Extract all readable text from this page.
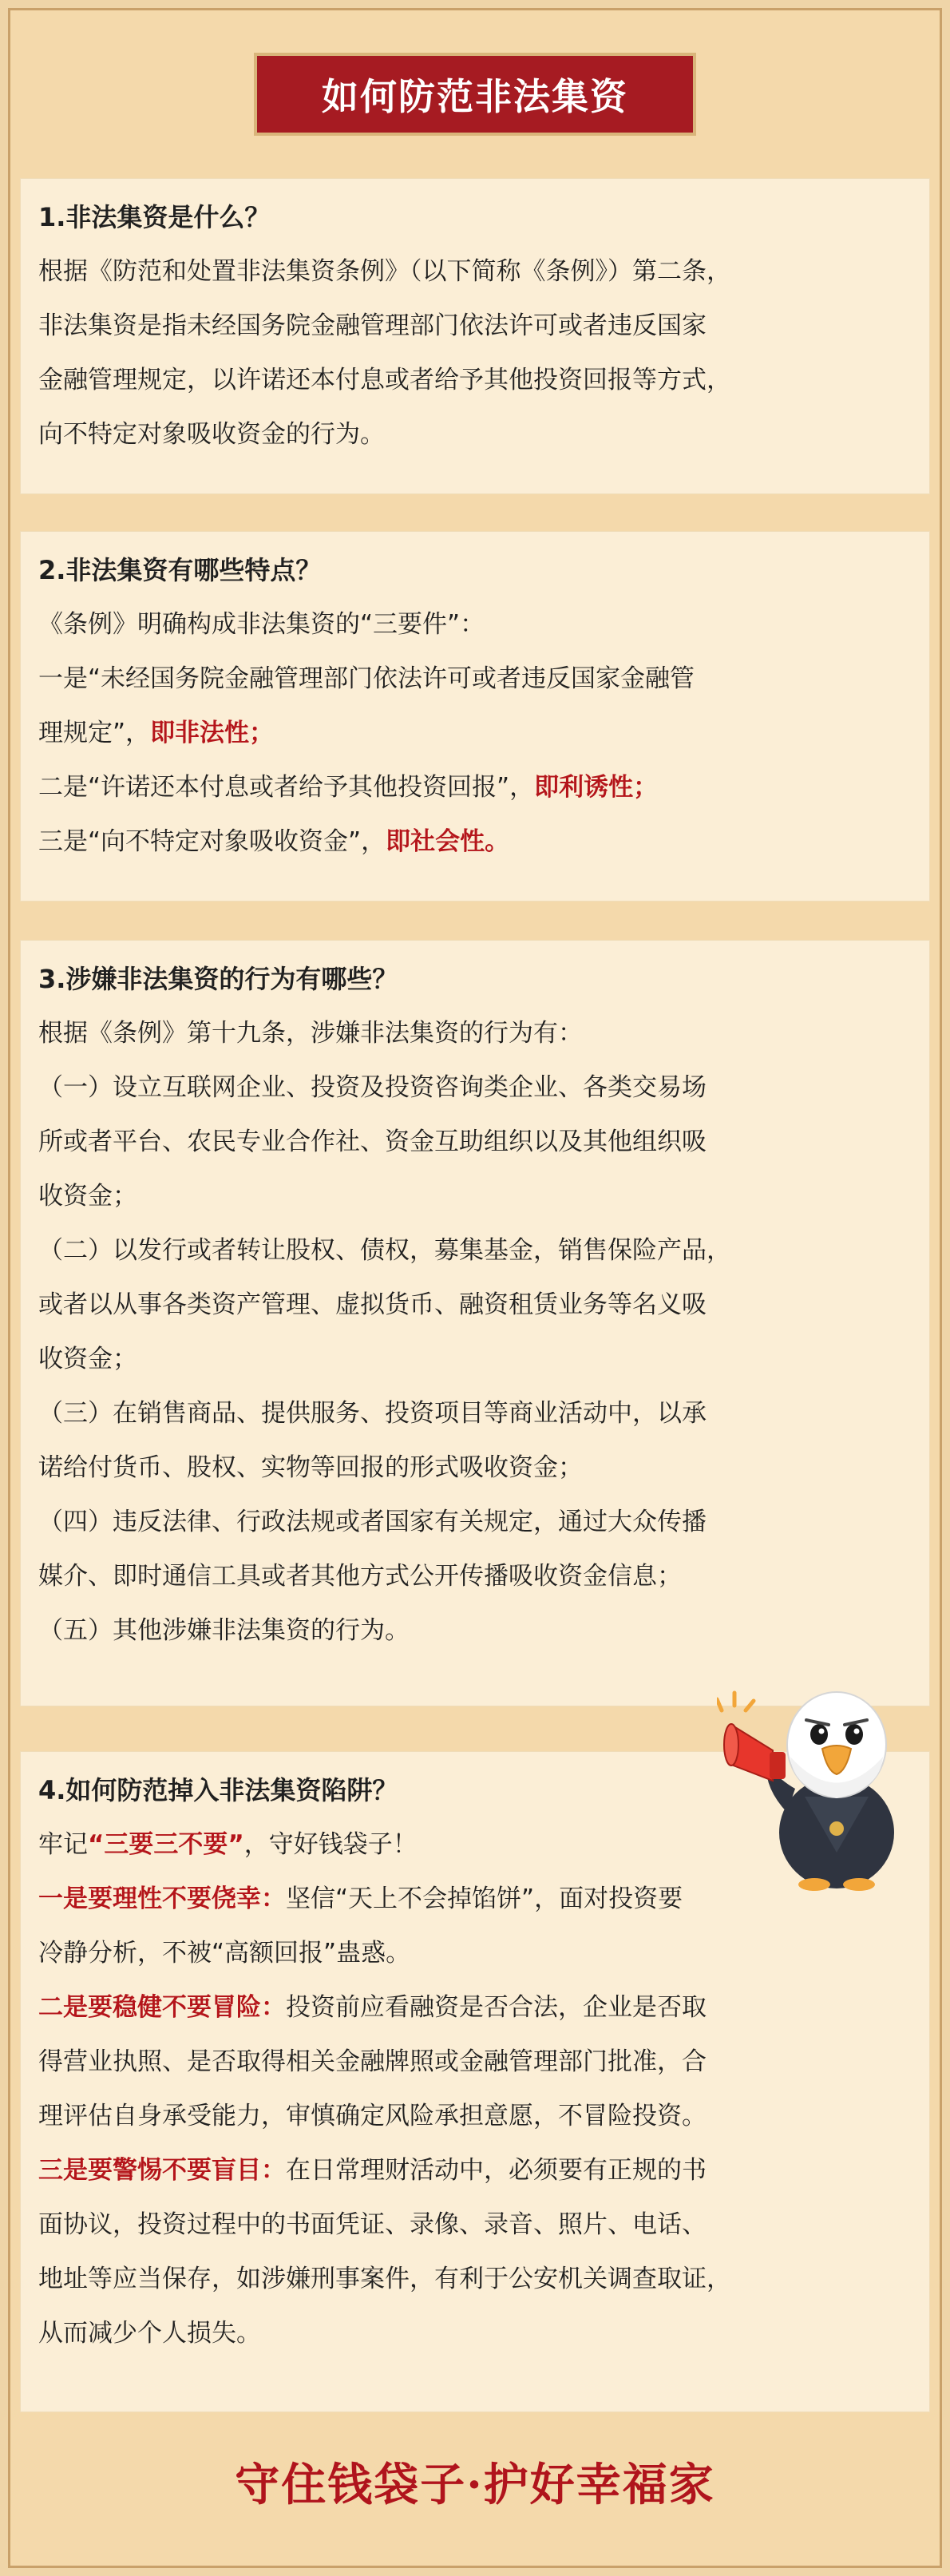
如何防范非法集资
1.非法集资是什么？
根据《防范和处置非法集资条例》（以下简称《条例》）第二条，
非法集资是指未经国务院金融管理部门依法许可或者违反国家
金融管理规定，以许诺还本付息或者给予其他投资回报等方式，
向不特定对象吸收资金的行为。
2.非法集资有哪些特点？
《条例》明确构成非法集资的“三要件”：
一是“未经国务院金融管理部门依法许可或者违反国家金融管
理规定”，即非法性；
二是“许诺还本付息或者给予其他投资回报”，即利诱性；
三是“向不特定对象吸收资金”，即社会性。
3.涉嫌非法集资的行为有哪些？
根据《条例》第十九条，涉嫌非法集资的行为有：
（一）设立互联网企业、投资及投资咨询类企业、各类交易场
所或者平台、农民专业合作社、资金互助组织以及其他组织吸
收资金；
（二）以发行或者转让股权、债权，募集基金，销售保险产品，
或者以从事各类资产管理、虚拟货币、融资租赁业务等名义吸
收资金；
（三）在销售商品、提供服务、投资项目等商业活动中，以承
诺给付货币、股权、实物等回报的形式吸收资金；
（四）违反法律、行政法规或者国家有关规定，通过大众传播
媒介、即时通信工具或者其他方式公开传播吸收资金信息；
（五）其他涉嫌非法集资的行为。
4.如何防范掉入非法集资陷阱？
牢记“三要三不要”，守好钱袋子！
一是要理性不要侥幸：坚信“天上不会掉馅饼”，面对投资要
冷静分析，不被“高额回报”蛊惑。
二是要稳健不要冒险：投资前应看融资是否合法，企业是否取
得营业执照、是否取得相关金融牌照或金融管理部门批准，合
理评估自身承受能力，审慎确定风险承担意愿，不冒险投资。
三是要警惕不要盲目：在日常理财活动中，必须要有正规的书
面协议，投资过程中的书面凭证、录像、录音、照片、电话、
地址等应当保存，如涉嫌刑事案件，有利于公安机关调查取证，
从而减少个人损失。
守住钱袋子·护好幸福家
